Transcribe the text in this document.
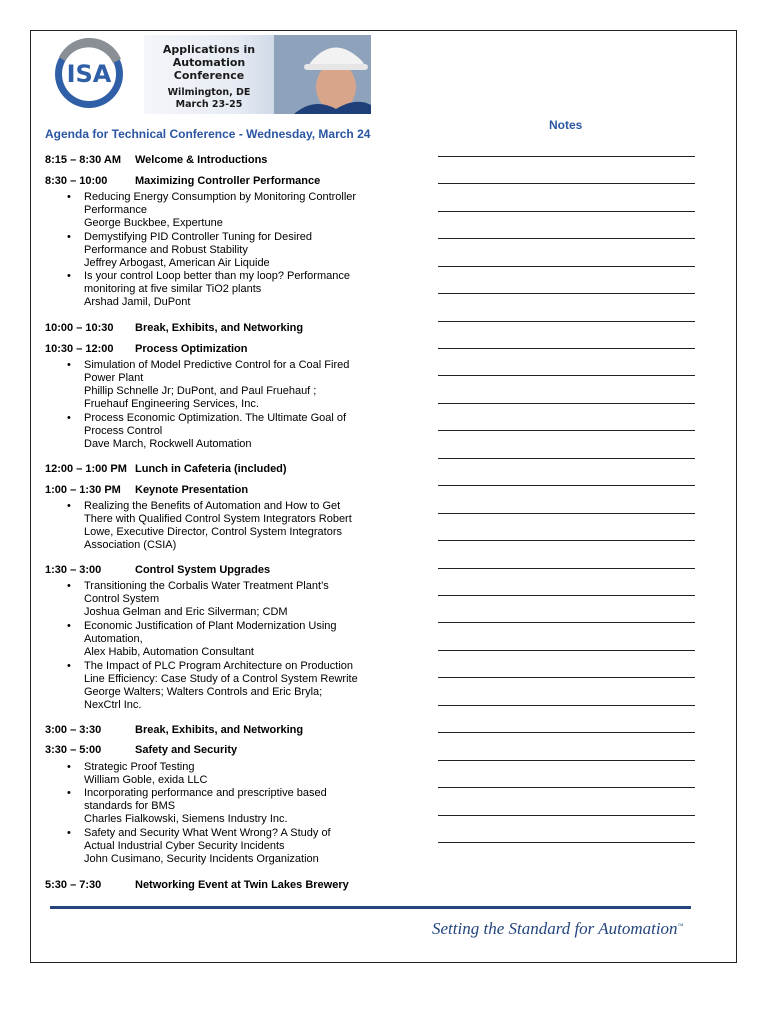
ISA
Applications in
Automation
Conference
Wilmington, DE
March 23-25
Agenda for Technical Conference - Wednesday, March 24
Notes
8:15 – 8:30 AM Welcome & Introductions
8:30 – 10:00	Maximizing Controller Performance
• Reducing Energy Consumption by Monitoring Controller
Performance
George Buckbee, Expertune
• Demystifying PID Controller Tuning for Desired
Performance and Robust Stability
Jeffrey Arbogast, American Air Liquide
• Is your control Loop better than my loop? Performance
monitoring at five similar TiO2 plants
Arshad Jamil, DuPont
10:00 – 10:30 Break, Exhibits, and Networking
10:30 – 12:00 Process Optimization
• Simulation of Model Predictive Control for a Coal Fired
Power Plant
Phillip Schnelle Jr; DuPont, and Paul Fruehauf ;
Fruehauf Engineering Services, Inc.
• Process Economic Optimization. The Ultimate Goal of
Process Control
Dave March, Rockwell Automation
12:00 – 1:00 PM Lunch in Cafeteria (included)
1:00 – 1:30 PM Keynote Presentation
• Realizing the Benefits of Automation and How to Get
There with Qualified Control System Integrators Robert
Lowe, Executive Director, Control System Integrators
Association (CSIA)
1:30 – 3:00	Control System Upgrades
• Transitioning the Corbalis Water Treatment Plant’s
Control System
Joshua Gelman and Eric Silverman; CDM
• Economic Justification of Plant Modernization Using
Automation,
Alex Habib, Automation Consultant
• The Impact of PLC Program Architecture on Production
Line Efficiency: Case Study of a Control System Rewrite
George Walters; Walters Controls and Eric Bryla;
NexCtrl Inc.
3:00 – 3:30	Break, Exhibits, and Networking
3:30 – 5:00	Safety and Security
• Strategic Proof Testing
William Goble, exida LLC
• Incorporating performance and prescriptive based
standards for BMS
Charles Fialkowski, Siemens Industry Inc.
• Safety and Security What Went Wrong? A Study of
Actual Industrial Cyber Security Incidents
John Cusimano, Security Incidents Organization
5:30 – 7:30	Networking Event at Twin Lakes Brewery
Setting the Standard for Automation™
